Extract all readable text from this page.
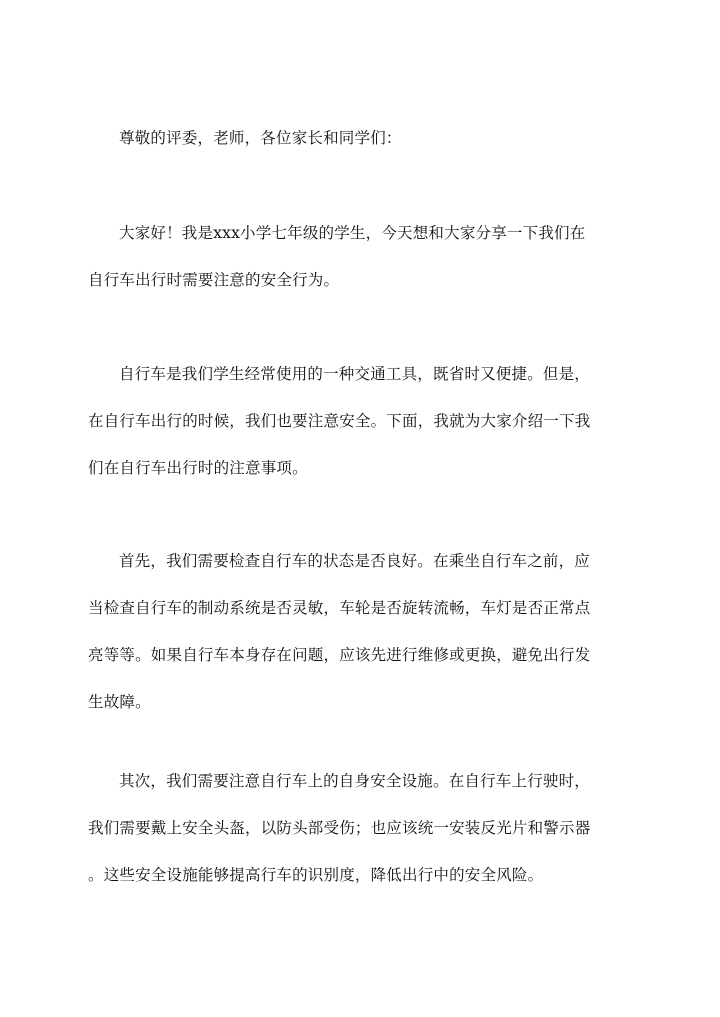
尊敬的评委，老师，各位家长和同学们：

大家好！我是xxx小学七年级的学生，今天想和大家分享一下我们在
自行车出行时需要注意的安全行为。

自行车是我们学生经常使用的一种交通工具，既省时又便捷。但是，
在自行车出行的时候，我们也要注意安全。下面，我就为大家介绍一下我
们在自行车出行时的注意事项。

首先，我们需要检查自行车的状态是否良好。在乘坐自行车之前，应
当检查自行车的制动系统是否灵敏，车轮是否旋转流畅，车灯是否正常点
亮等等。如果自行车本身存在问题，应该先进行维修或更换，避免出行发
生故障。

其次，我们需要注意自行车上的自身安全设施。在自行车上行驶时，
我们需要戴上安全头盔，以防头部受伤；也应该统一安装反光片和警示器
。这些安全设施能够提高行车的识别度，降低出行中的安全风险。
